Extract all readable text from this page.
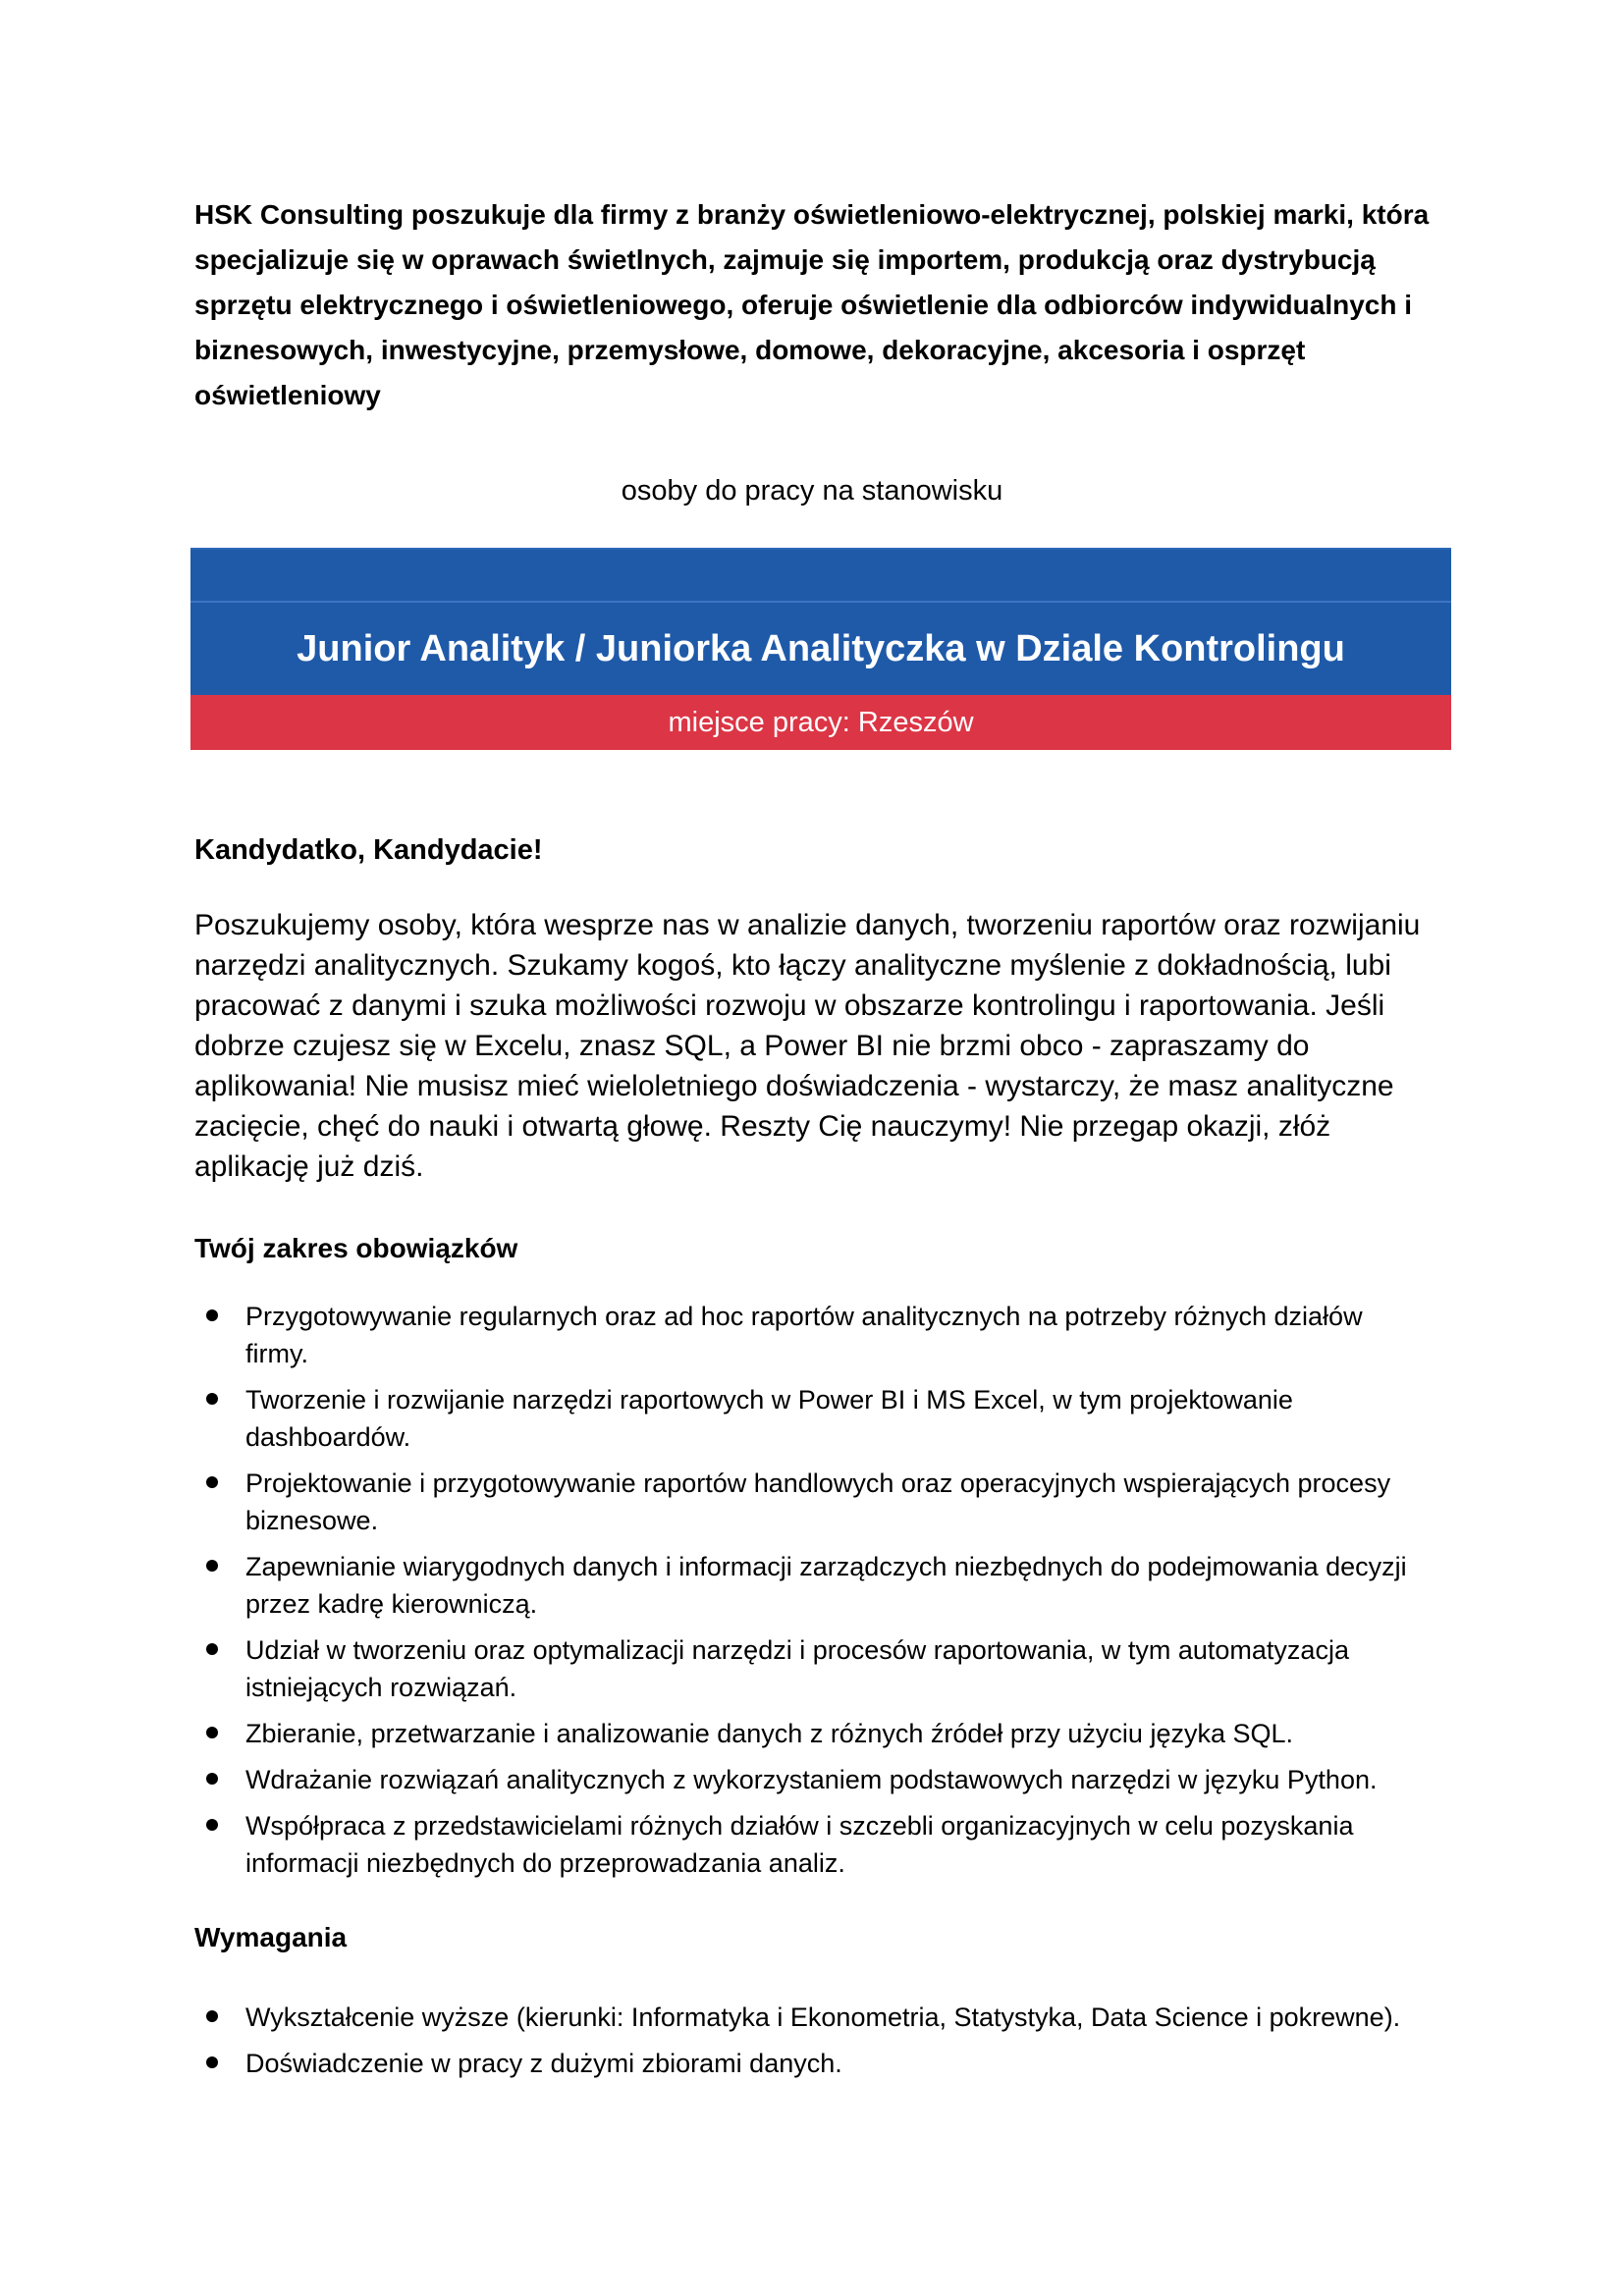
HSK Consulting poszukuje dla firmy z branży oświetleniowo-elektrycznej, polskiej marki, która specjalizuje się w oprawach świetlnych, zajmuje się importem, produkcją oraz dystrybucją sprzętu elektrycznego i oświetleniowego, oferuje oświetlenie dla odbiorców indywidualnych i biznesowych, inwestycyjne, przemysłowe, domowe, dekoracyjne, akcesoria i osprzęt oświetleniowy
osoby do pracy na stanowisku
Junior Analityk / Juniorka Analityczka w Dziale Kontrolingu
miejsce pracy: Rzeszów
Kandydatko, Kandydacie!
Poszukujemy osoby, która wesprze nas w analizie danych, tworzeniu raportów oraz rozwijaniu narzędzi analitycznych. Szukamy kogoś, kto łączy analityczne myślenie z dokładnością, lubi pracować z danymi i szuka możliwości rozwoju w obszarze kontrolingu i raportowania. Jeśli dobrze czujesz się w Excelu, znasz SQL, a Power BI nie brzmi obco - zapraszamy do aplikowania! Nie musisz mieć wieloletniego doświadczenia - wystarczy, że masz analityczne zacięcie, chęć do nauki i otwartą głowę. Reszty Cię nauczymy! Nie przegap okazji, złóż aplikację już dziś.
Twój zakres obowiązków
Przygotowywanie regularnych oraz ad hoc raportów analitycznych na potrzeby różnych działów firmy.
Tworzenie i rozwijanie narzędzi raportowych w Power BI i MS Excel, w tym projektowanie dashboardów.
Projektowanie i przygotowywanie raportów handlowych oraz operacyjnych wspierających procesy biznesowe.
Zapewnianie wiarygodnych danych i informacji zarządczych niezbędnych do podejmowania decyzji przez kadrę kierowniczą.
Udział w tworzeniu oraz optymalizacji narzędzi i procesów raportowania, w tym automatyzacja istniejących rozwiązań.
Zbieranie, przetwarzanie i analizowanie danych z różnych źródeł przy użyciu języka SQL.
Wdrażanie rozwiązań analitycznych z wykorzystaniem podstawowych narzędzi w języku Python.
Współpraca z przedstawicielami różnych działów i szczebli organizacyjnych w celu pozyskania informacji niezbędnych do przeprowadzania analiz.
Wymagania
Wykształcenie wyższe (kierunki: Informatyka i Ekonometria, Statystyka, Data Science i pokrewne).
Doświadczenie w pracy z dużymi zbiorami danych.
